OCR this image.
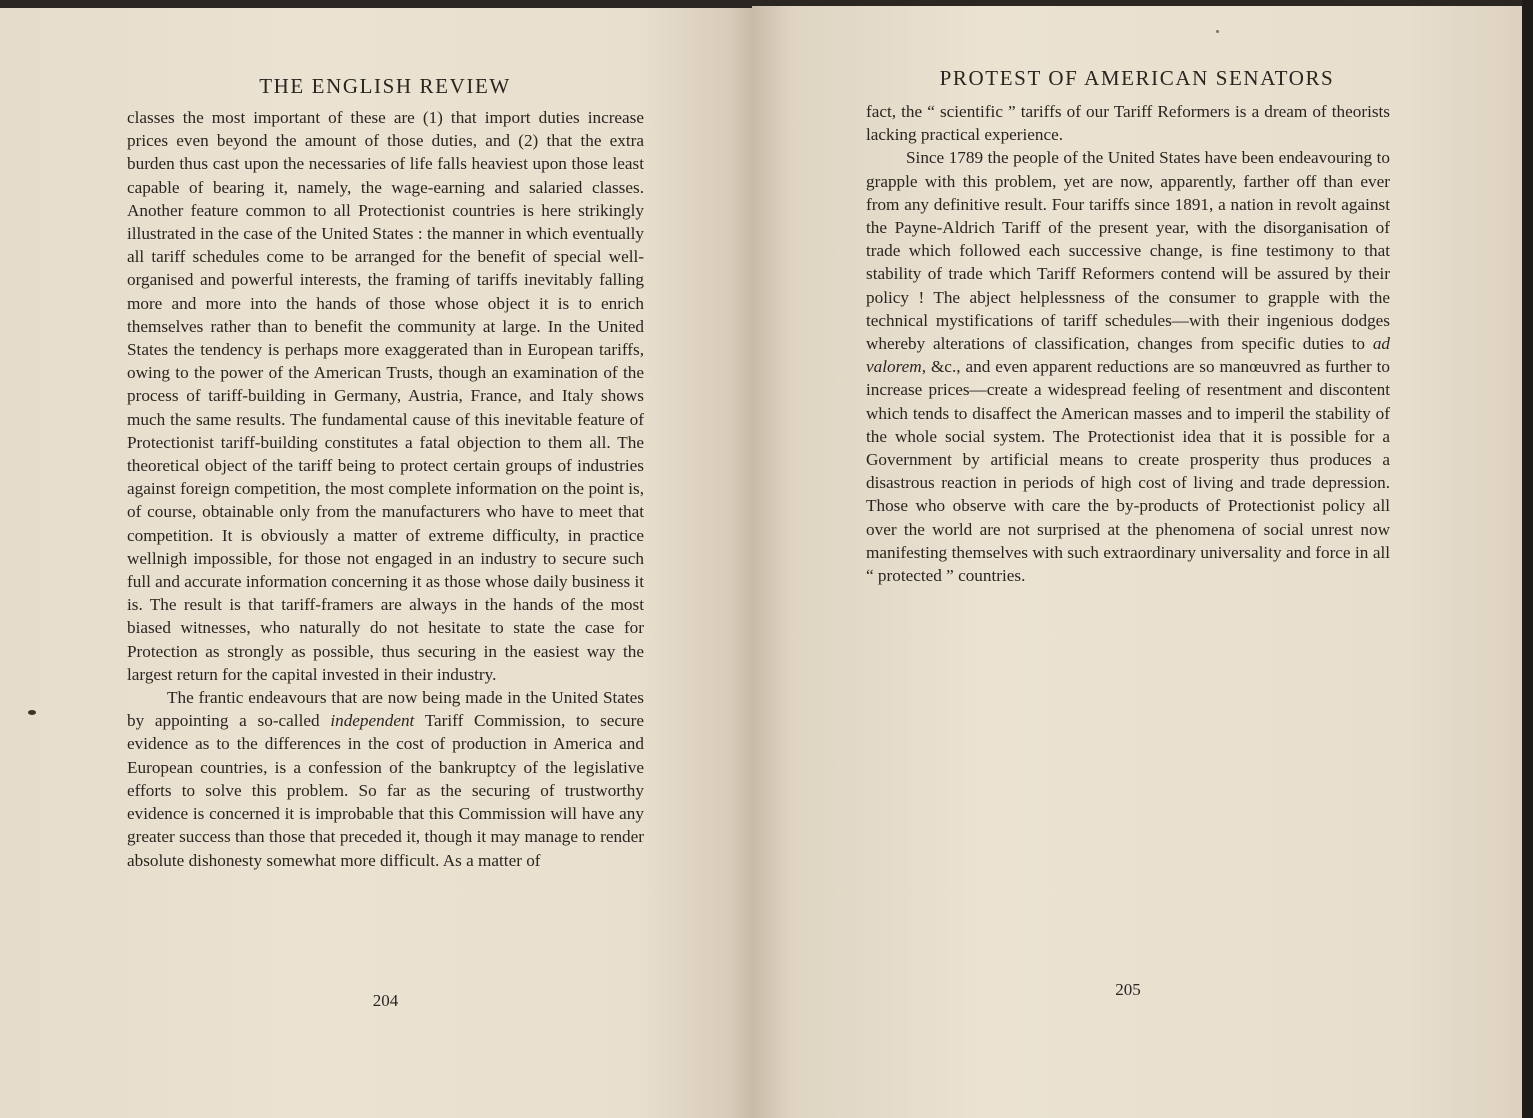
THE ENGLISH REVIEW

classes the most important of these are (1) that import duties increase prices even beyond the amount of those duties, and (2) that the extra burden thus cast upon the necessaries of life falls heaviest upon those least capable of bearing it, namely, the wage-earning and salaried classes. Another feature common to all Protectionist countries is here strikingly illustrated in the case of the United States : the manner in which eventually all tariff schedules come to be arranged for the benefit of special well-organised and powerful interests, the framing of tariffs inevitably falling more and more into the hands of those whose object it is to enrich themselves rather than to benefit the community at large. In the United States the tendency is perhaps more exaggerated than in European tariffs, owing to the power of the American Trusts, though an examination of the process of tariff-building in Germany, Austria, France, and Italy shows much the same results. The fundamental cause of this inevitable feature of Protectionist tariff-building constitutes a fatal objection to them all. The theoretical object of the tariff being to protect certain groups of industries against foreign competition, the most complete information on the point is, of course, obtainable only from the manufacturers who have to meet that competition. It is obviously a matter of extreme difficulty, in practice wellnigh impossible, for those not engaged in an industry to secure such full and accurate information concerning it as those whose daily business it is. The result is that tariff-framers are always in the hands of the most biased witnesses, who naturally do not hesitate to state the case for Protection as strongly as possible, thus securing in the easiest way the largest return for the capital invested in their industry.

The frantic endeavours that are now being made in the United States by appointing a so-called independent Tariff Commission, to secure evidence as to the differences in the cost of production in America and European countries, is a confession of the bankruptcy of the legislative efforts to solve this problem. So far as the securing of trustworthy evidence is concerned it is improbable that this Commission will have any greater success than those that preceded it, though it may manage to render absolute dishonesty somewhat more difficult. As a matter of

204
PROTEST OF AMERICAN SENATORS

fact, the “ scientific ” tariffs of our Tariff Reformers is a dream of theorists lacking practical experience.

Since 1789 the people of the United States have been endeavouring to grapple with this problem, yet are now, apparently, farther off than ever from any definitive result. Four tariffs since 1891, a nation in revolt against the Payne-Aldrich Tariff of the present year, with the disorganisation of trade which followed each successive change, is fine testimony to that stability of trade which Tariff Reformers contend will be assured by their policy ! The abject helplessness of the consumer to grapple with the technical mystifications of tariff schedules—with their ingenious dodges whereby alterations of classification, changes from specific duties to ad valorem, &c., and even apparent reductions are so manœuvred as further to increase prices—create a widespread feeling of resentment and discontent which tends to disaffect the American masses and to imperil the stability of the whole social system. The Protectionist idea that it is possible for a Government by artificial means to create prosperity thus produces a disastrous reaction in periods of high cost of living and trade depression. Those who observe with care the by-products of Protectionist policy all over the world are not surprised at the phenomena of social unrest now manifesting themselves with such extraordinary universality and force in all “ protected ” countries.

205
